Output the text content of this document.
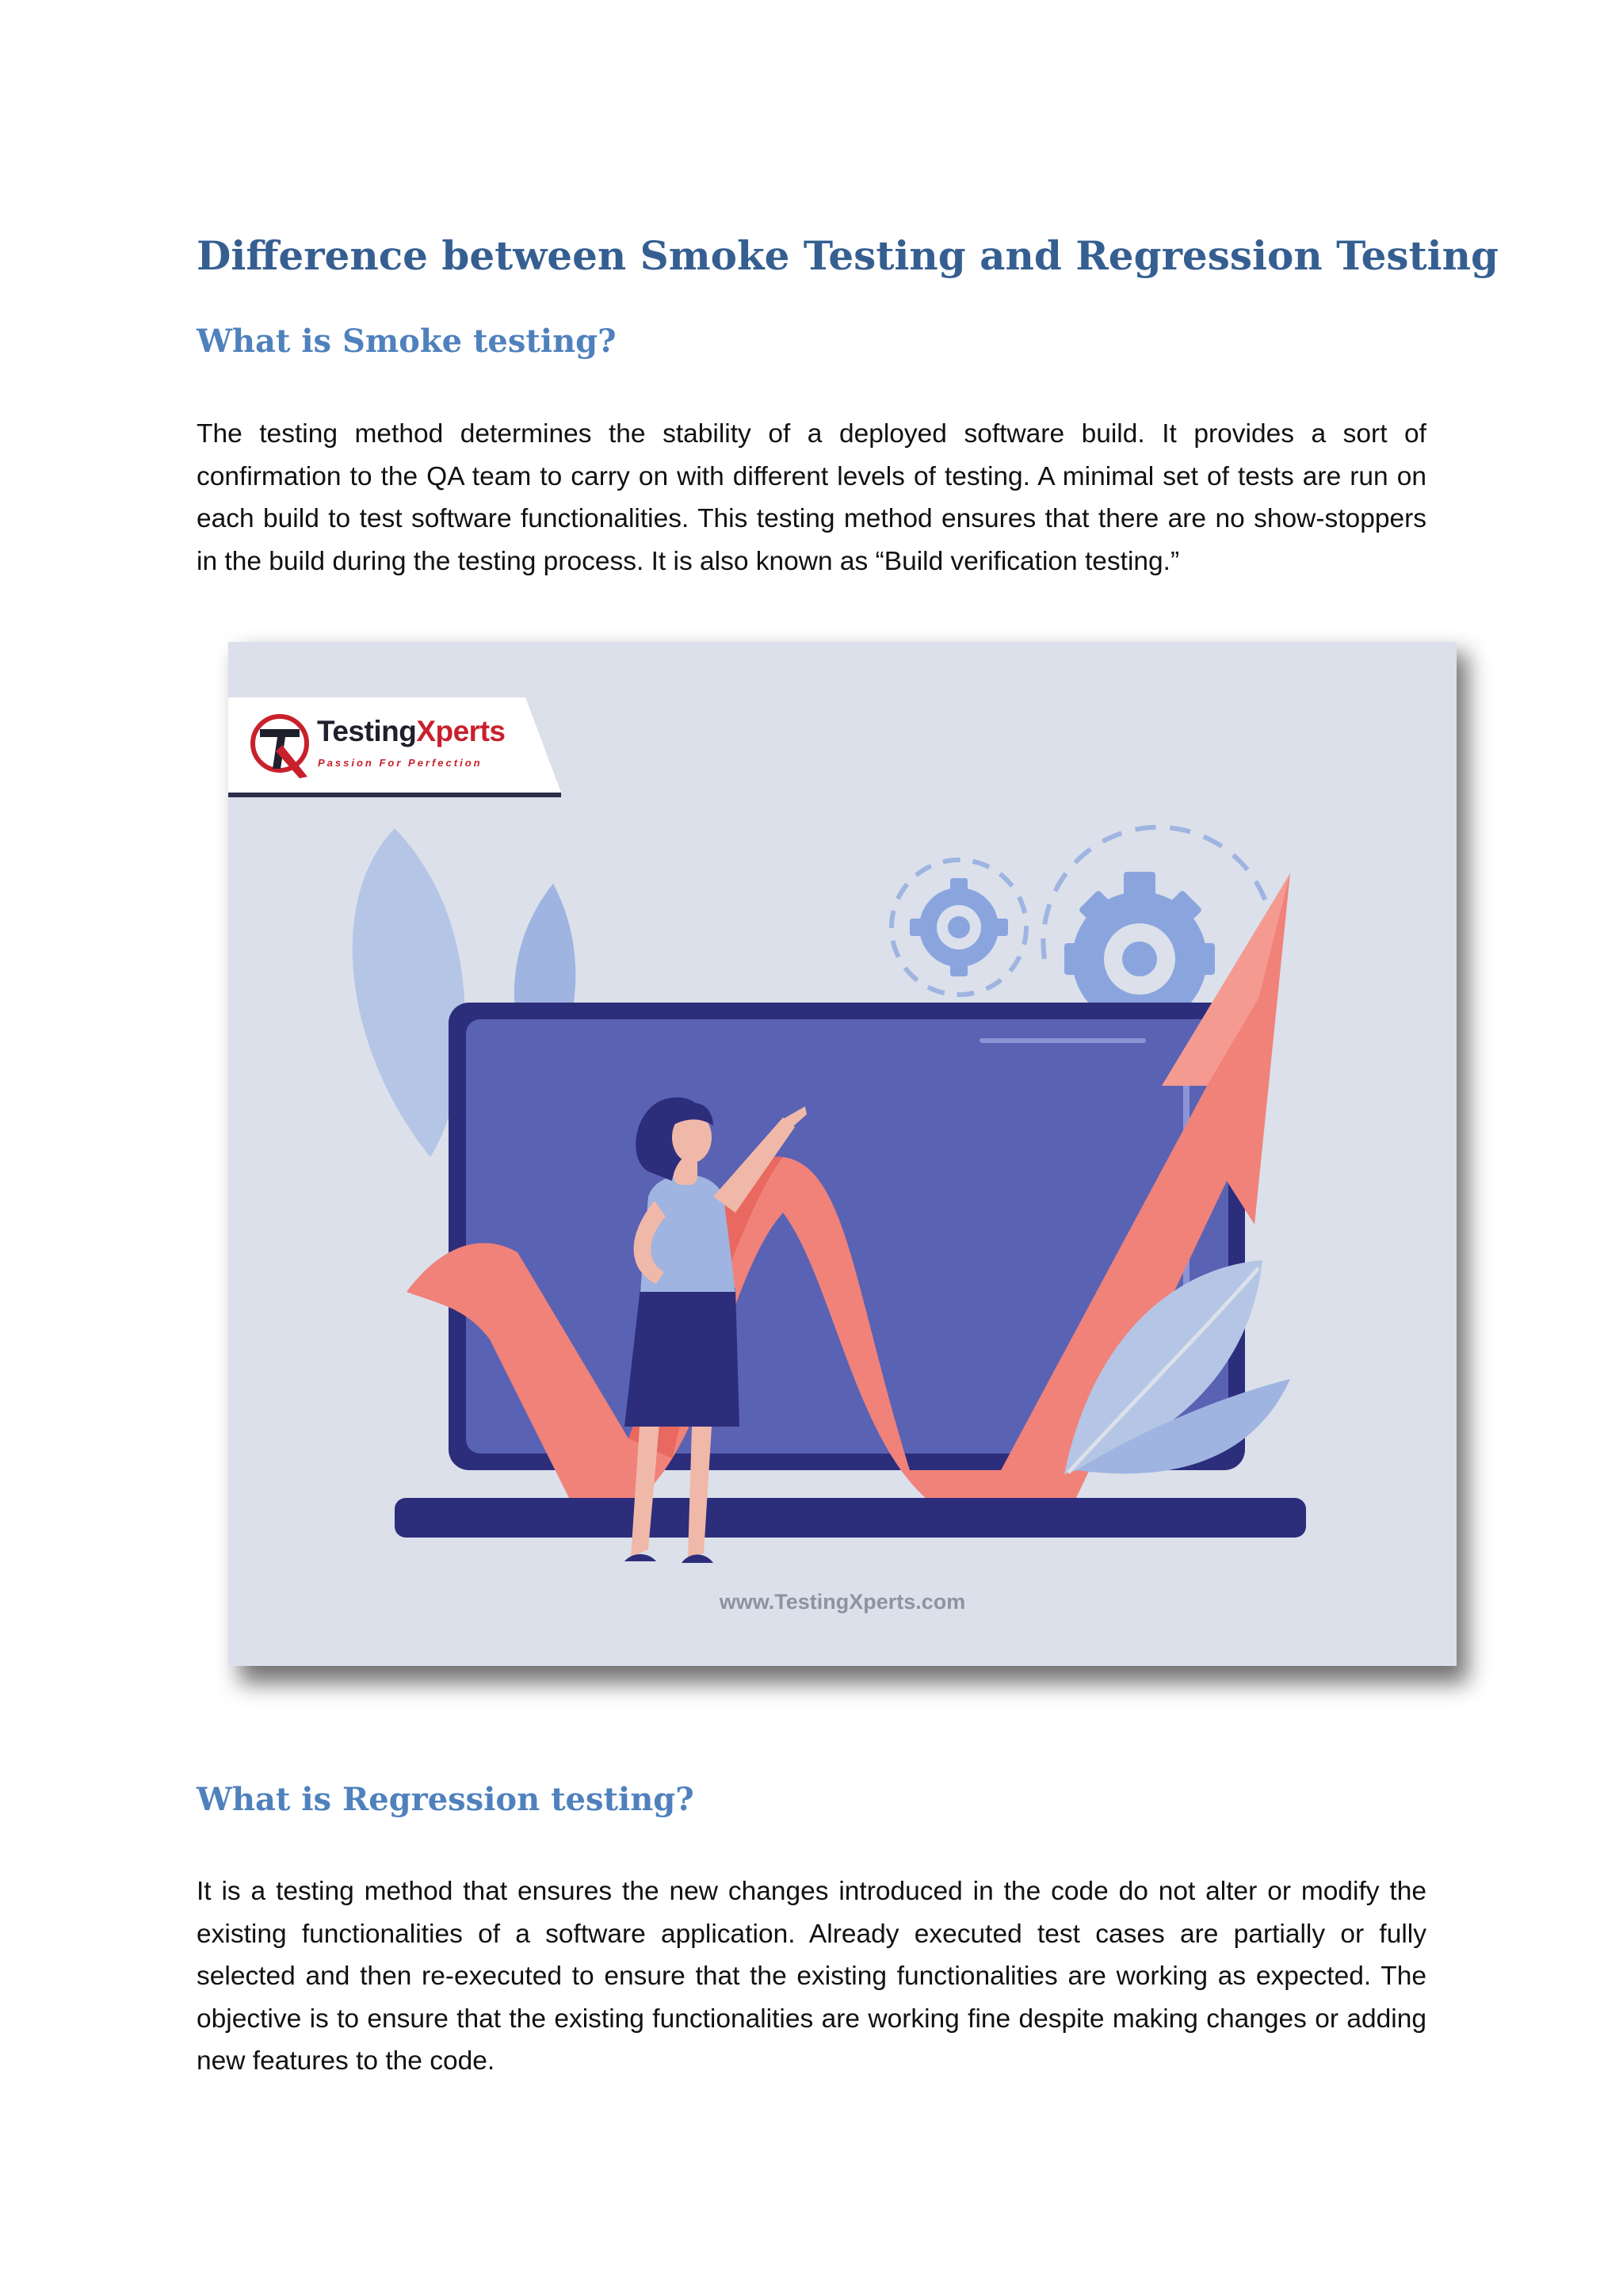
Difference between Smoke Testing and Regression Testing
What is Smoke testing?

The testing method determines the stability of a deployed software build. It provides a sort of confirmation to the QA team to carry on with different levels of testing. A minimal set of tests are run on each build to test software functionalities. This testing method ensures that there are no show-stoppers in the build during the testing process. It is also known as “Build verification testing.”

TestingXperts
Passion For Perfection
www.TestingXperts.com
What is Regression testing?

It is a testing method that ensures the new changes introduced in the code do not alter or modify the existing functionalities of a software application. Already executed test cases are partially or fully selected and then re-executed to ensure that the existing functionalities are working as expected. The objective is to ensure that the existing functionalities are working fine despite making changes or adding new features to the code.
